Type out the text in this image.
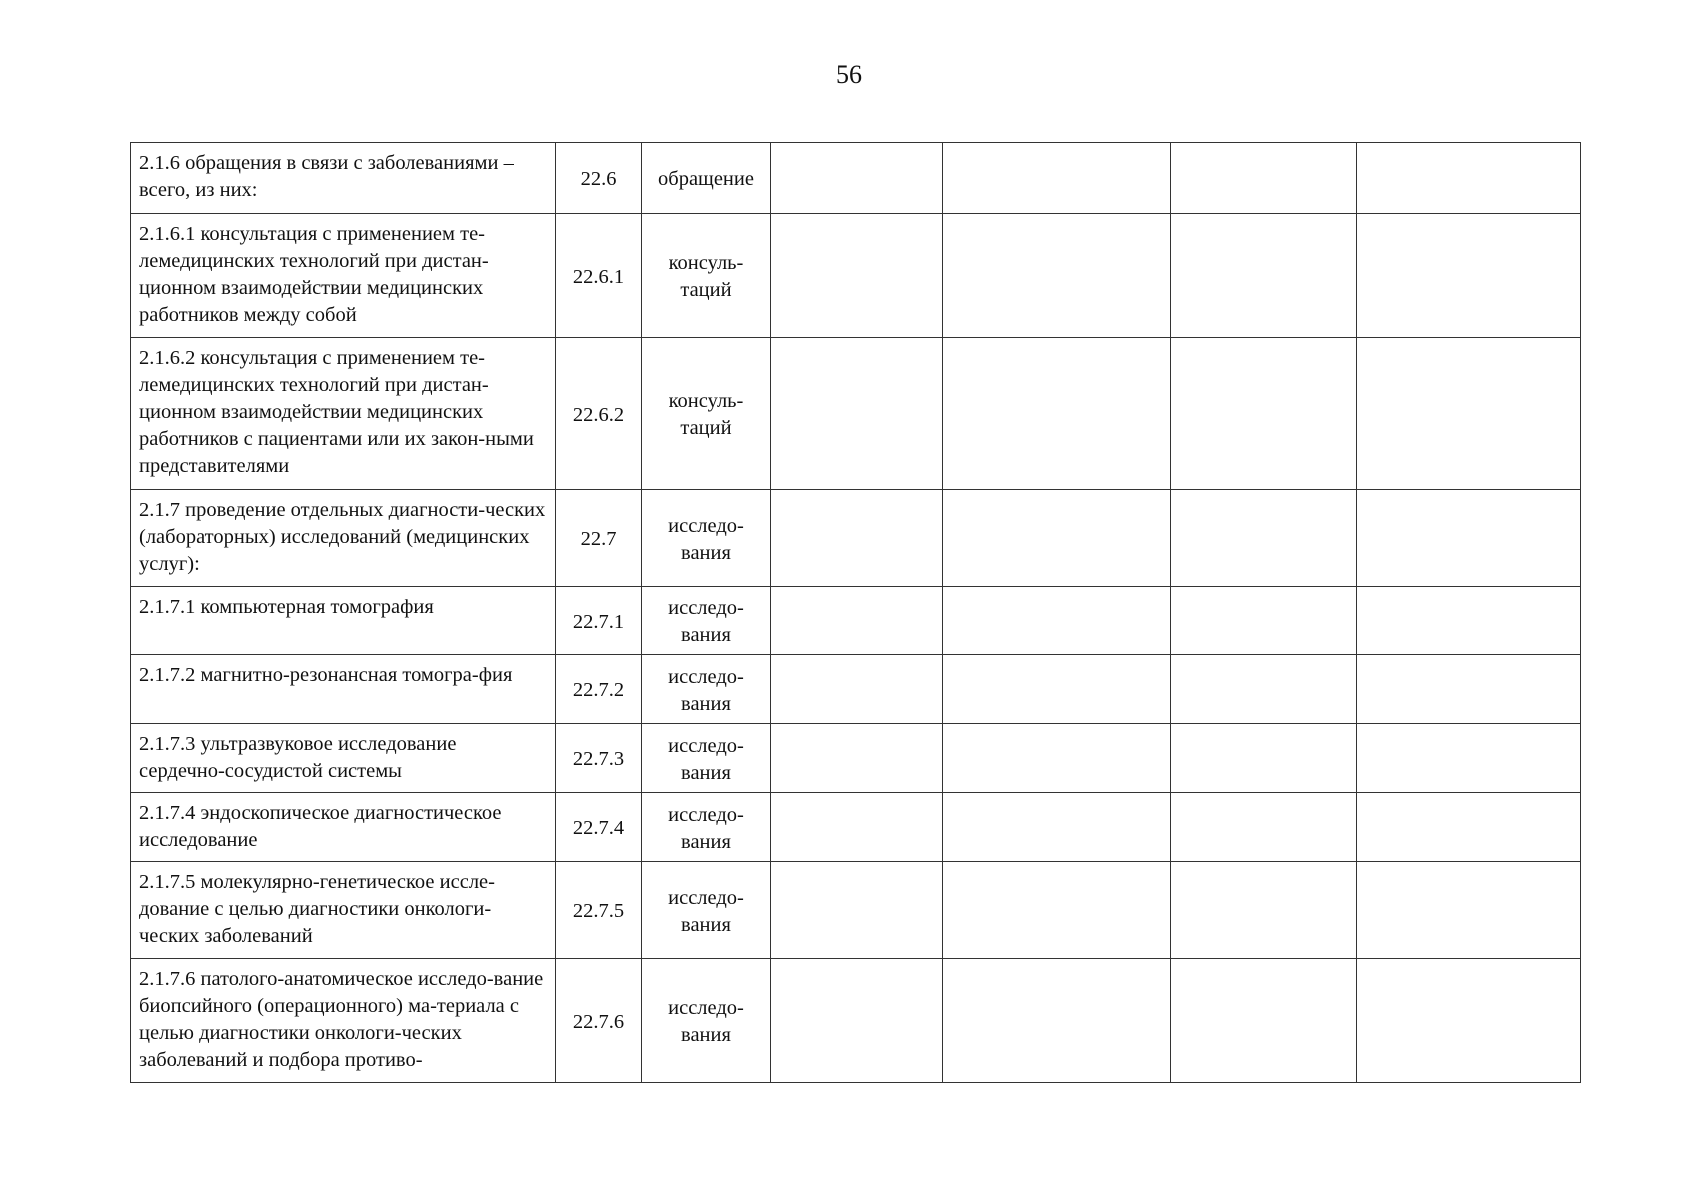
56
2.1.6 обращения в связи с заболеваниями – всего, из них:	22.6	обращение				
2.1.6.1 консультация с применением те-лемедицинских технологий при дистан-ционном взаимодействии медицинских работников между собой	22.6.1	консуль-
таций				
2.1.6.2 консультация с применением те-лемедицинских технологий при дистан-ционном взаимодействии медицинских работников с пациентами или их закон-ными представителями	22.6.2	консуль-
таций				
2.1.7 проведение отдельных диагности-ческих (лабораторных) исследований (медицинских услуг):	22.7	исследо-
вания				
2.1.7.1 компьютерная томография	22.7.1	исследо-
вания				
2.1.7.2 магнитно-резонансная томогра-фия	22.7.2	исследо-
вания				
2.1.7.3 ультразвуковое исследование сердечно-сосудистой системы	22.7.3	исследо-
вания				
2.1.7.4 эндоскопическое диагностическое исследование	22.7.4	исследо-
вания				
2.1.7.5 молекулярно-генетическое иссле-дование с целью диагностики онкологи-ческих заболеваний	22.7.5	исследо-
вания				
2.1.7.6 патолого-анатомическое исследо-вание биопсийного (операционного) ма-териала с целью диагностики онкологи-ческих заболеваний и подбора противо-	22.7.6	исследо-
вания				
